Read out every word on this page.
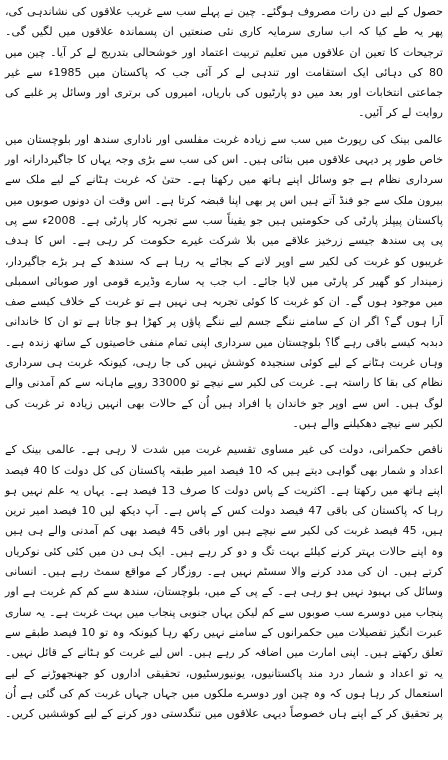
حصول کے لیے دن رات مصروف ہوگئے۔ چین نے پہلے سب سے غریب علاقوں کی نشاندہی کی، پھر یہ طے کیا کہ اب ساری سرمایہ کاری نئی صنعتیں ان پسماندہ علاقوں میں لگیں گی۔ ترجیحات کا تعین ان علاقوں میں تعلیم تربیت اعتماد اور خوشحالی بتدریج لے کر آیا۔ چین میں 80 کی دہائی ایک استقامت اور تندہی لے کر آئی جب کہ پاکستان میں 1985ء سے غیر جماعتی انتخابات اور بعد میں دو پارٹیوں کی باریاں، امیروں کی برتری اور وسائل پر غلبے کی روایت لے کر آئیں۔

عالمی بینک کی رپورٹ میں سب سے زیادہ غربت مفلسی اور ناداری سندھ اور بلوچستان میں خاص طور پر دیہی علاقوں میں بتائی ہیں۔ اس کی سب سے بڑی وجہ یہاں کا جاگیردارانہ اور سرداری نظام ہے جو وسائل اپنے ہاتھ میں رکھتا ہے۔ حتیٰ کہ غربت ہٹانے کے لیے ملک سے بیرون ملک سے جو فنڈ آتے ہیں اس پر بھی اپنا قبضہ کرتا ہے۔ اس وقت ان دونوں صوبوں میں پاکستان پیپلز پارٹی کی حکومتیں ہیں جو یقیناً سب سے تجربہ کار پارٹی ہے۔ 2008ء سے پی پی پی سندھ جیسے زرخیز علاقے میں بلا شرکت غیرے حکومت کر رہی ہے۔ اس کا ہدف غریبوں کو غربت کی لکیر سے اوپر لانے کے بجائے یہ رہا ہے کہ سندھ کے ہر بڑے جاگیردار، زمیندار کو گھیر کر پارٹی میں لایا جائے۔ اب جب یہ سارے وڈیرے قومی اور صوبائی اسمبلی میں موجود ہوں گے۔ ان کو غربت کا کوئی تجربہ ہی نہیں ہے تو غربت کے خلاف کیسے صف آرا ہوں گے؟ اگر ان کے سامنے ننگے جسم لیے ننگے پاؤں پر کھڑا ہو جاتا ہے تو ان کا خاندانی دبدبہ کیسے باقی رہے گا؟ بلوچستان میں سرداری اپنی تمام منفی خاصیتوں کے ساتھ زندہ ہے۔ وہاں غربت ہٹانے کے لیے کوئی سنجیدہ کوشش نہیں کی جا رہی، کیونکہ غربت ہی سرداری نظام کی بقا کا راستہ ہے۔ غربت کی لکیر سے نیچے تو 33000 روپے ماہانہ سے کم آمدنی والے لوگ ہیں۔ اس سے اوپر جو خاندان یا افراد ہیں اُن کے حالات بھی انہیں زیادہ تر غربت کی لکیر سے نیچے دھکیلنے والے ہیں۔

ناقص حکمرانی، دولت کی غیر مساوی تقسیم غربت میں شدت لا رہی ہے۔ عالمی بینک کے اعداد و شمار بھی گواہی دیتے ہیں کہ 10 فیصد امیر طبقہ پاکستان کی کل دولت کا 40 فیصد اپنے ہاتھ میں رکھتا ہے۔ اکثریت کے پاس دولت کا صرف 13 فیصد ہے۔ یہاں یہ علم نہیں ہو رہا کہ پاکستان کی باقی 47 فیصد دولت کس کے پاس ہے۔ آپ دیکھ لیں 10 فیصد امیر ترین ہیں، 45 فیصد غربت کی لکیر سے نیچے ہیں اور باقی 45 فیصد بھی کم آمدنی والے ہی ہیں وہ اپنے حالات بہتر کرنے کیلئے بہت تگ و دو کر رہے ہیں۔ ایک ہی دن میں کئی کئی نوکریاں کرتے ہیں۔ ان کی مدد کرنے والا سسٹم نہیں ہے۔ روزگار کے مواقع سمٹ رہے ہیں۔ انسانی وسائل کی بہبود نہیں ہو رہی ہے۔ کے پی کے میں، بلوچستان، سندھ سے کم کم غربت ہے اور پنجاب میں دوسرے سب صوبوں سے کم لیکن یہاں جنوبی پنجاب میں بہت غربت ہے۔ یہ ساری عبرت انگیز تفصیلات میں حکمرانوں کے سامنے نہیں رکھ رہا کیونکہ وہ تو 10 فیصد طبقے سے تعلق رکھتے ہیں۔ اپنی امارت میں اضافہ کر رہے ہیں۔ اس لیے غربت کو ہٹانے کے قائل نہیں۔ یہ تو اعداد و شمار درد مند پاکستانیوں، یونیورسٹیوں، تحقیقی اداروں کو جھنجھوڑنے کے لیے استعمال کر رہا ہوں کہ وہ چین اور دوسرے ملکوں میں جہاں جہاں غربت کم کی گئی ہے اُن پر تحقیق کر کے اپنے ہاں خصوصاً دیہی علاقوں میں تنگدستی دور کرنے کے لیے کوششیں کریں۔
